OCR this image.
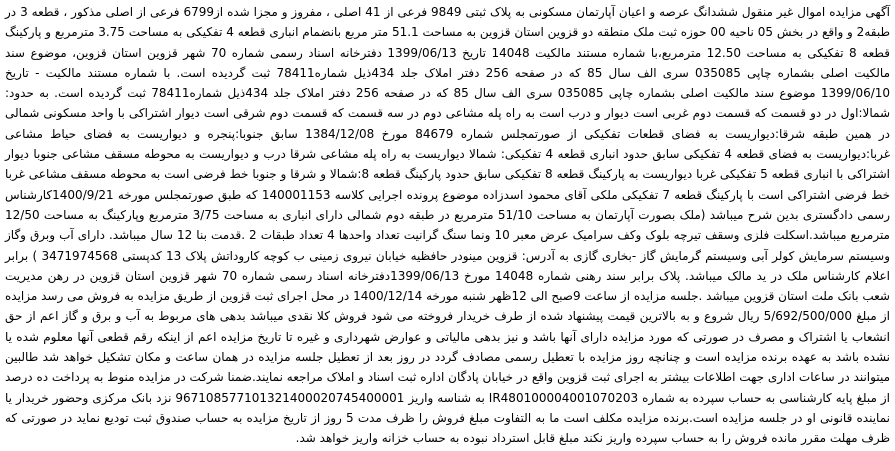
آگهی مزایده اموال غیر منقول ششدانگ عرصه و اعیان آپارتمان مسکونی به پلاک ثبتی 9849 فرعی از 41 اصلی ، مفروز و مجزا شده از6799 فرعی از اصلی مذکور ، قطعه 3 در طبقه2 و واقع در بخش 05 ناحیه 00 حوزه ثبت ملک منطقه دو قزوین استان قزوین به مساحت 51.1 متر مربع بانضمام انباری قطعه 4 تفکیکی به مساحت 3.75 مترمربع و پارکینگ قطعه 8 تفکیکی به مساحت 12.50 مترمربع،با شماره مستند مالکیت 14048 تاریخ 1399/06/13 دفترخانه اسناد رسمی شماره 70 شهر قزوین استان قزوین، موضوع سند مالکیت اصلی بشماره چاپی 035085 سری الف سال 85 که در صفحه 256 دفتر املاک جلد 434ذیل شماره78411 ثبت گردیده است. با شماره مستند مالکیت - تاریخ 1399/06/10 موضوع سند مالکیت اصلی بشماره چاپی 035085 سری الف سال 85 که در صفحه 256 دفتر املاک جلد 434ذیل شماره78411 ثبت گردیده است. به حدود: شمالا:اول در دو قسمت که قسمت دوم غربی است دیوار و درب است به راه پله مشاعی دوم در سه قسمت که قسمت دوم شرقی است دیوار اشتراکی با واحد مسکونی شمالی در همین طبقه شرقا:دیواریست به فضای قطعات تفکیکی از صورتمجلس شماره 84679 مورخ 1384/12/08 سابق جنوبا:پنجره و دیواریست به فضای حیاط مشاعی غربا:دیواریست به فضای قطعه 4 تفکیکی سابق حدود انباری قطعه 4 تفکیکی: شمالا دیواریست به راه پله مشاعی شرقا درب و دیواریست به محوطه مسقف مشاعی جنوبا دیوار اشتراکی با انباری قطعه 5 تفکیکی غربا دیواریست به پارکینگ قطعه 8 تفکیکی سابق حدود پارکینگ قطعه 8:شمالا و شرقا و جنوبا خط فرضی است به محوطه مسقف مشاعی غربا خط فرضی اشتراکی است با پارکینگ قطعه 7 تفکیکی ملکی آقای محمود اسدزاده موضوع پرونده اجرایی کلاسه 140001153 که طبق صورتمجلس مورخه 1400/9/21کارشناس رسمی دادگستری بدین شرح میباشد (ملک بصورت آپارتمان به مساحت 51/10 مترمربع در طبقه دوم شمالی دارای انباری به مساحت 3/75 مترمربع وپارکینگ به مساحت 12/50 مترمربع میباشد.اسکلت فلزی وسقف تیرچه بلوک وکف سرامیک عرض معبر 10 ونما سنگ گرانیت تعداد واحدها 4 تعداد طبقات 2 .قدمت بنا 12 سال میباشد. دارای آب وبرق وگاز وسیستم سرمایش کولر آبی وسیستم گرمایش گاز -بخاری گازی به آدرس: قزوین مینودر حافظیه خیابان نیروی زمینی ب کوچه کاروداتش پلاک 13 کدپستی 3471974568 ) برابر اعلام کارشناس ملک در ید مالک میباشد. پلاک برابر سند رهنی شماره 14048 مورخ 1399/06/13دفترخانه اسناد رسمی شماره 70 شهر قزوین استان قزوین در رهن مدیریت شعب بانک ملت استان قزوین میباشد .جلسه مزایده از ساعت 9صبح الی 12ظهر شنبه مورخه 1400/12/14 در محل اجرای ثبت قزوین از طریق مزایده به فروش می رسد مزایده از مبلغ 5/692/500/000 ریال شروع و به بالاترین قیمت پیشنهاد شده از طرف خریدار فروخته می شود فروش کلا نقدی میباشد بدهی های مربوط به آب و برق و گاز اعم از حق انشعاب یا اشتراک و مصرف در صورتی که مورد مزایده دارای آنها باشد و نیز بدهی مالیاتی و عوارض شهرداری و غیره تا تاریخ مزایده اعم از اینکه رقم قطعی آنها معلوم شده یا نشده باشد به عهده برنده مزایده است و چنانچه روز مزایده با تعطیل رسمی مصادف گردد در روز بعد از تعطیل جلسه مزایده در همان ساعت و مکان تشکیل خواهد شد طالبین میتوانند در ساعات اداری جهت اطلاعات بیشتر به اجرای ثبت قزوین واقع در خیابان پادگان اداره ثبت اسناد و املاک مراجعه نمایند.ضمنا شرکت در مزایده منوط به پرداخت ده درصد از مبلغ پایه کارشناسی به حساب سپرده به شماره IR480100004001070203 به شناسه واریز 967108577101321400020745400001 نزد بانک مرکزی وحضور خریدار یا نماینده قانونی او در جلسه مزایده است.برنده مزایده مکلف است ما به التفاوت مبلغ فروش را ظرف مدت 5 روز از تاریخ مزایده به حساب صندوق ثبت تودیع نماید در صورتی که ظرف مهلت مقرر مانده فروش را به حساب سپرده واریز نکند مبلغ قابل استرداد نبوده به حساب خزانه واریز خواهد شد.
